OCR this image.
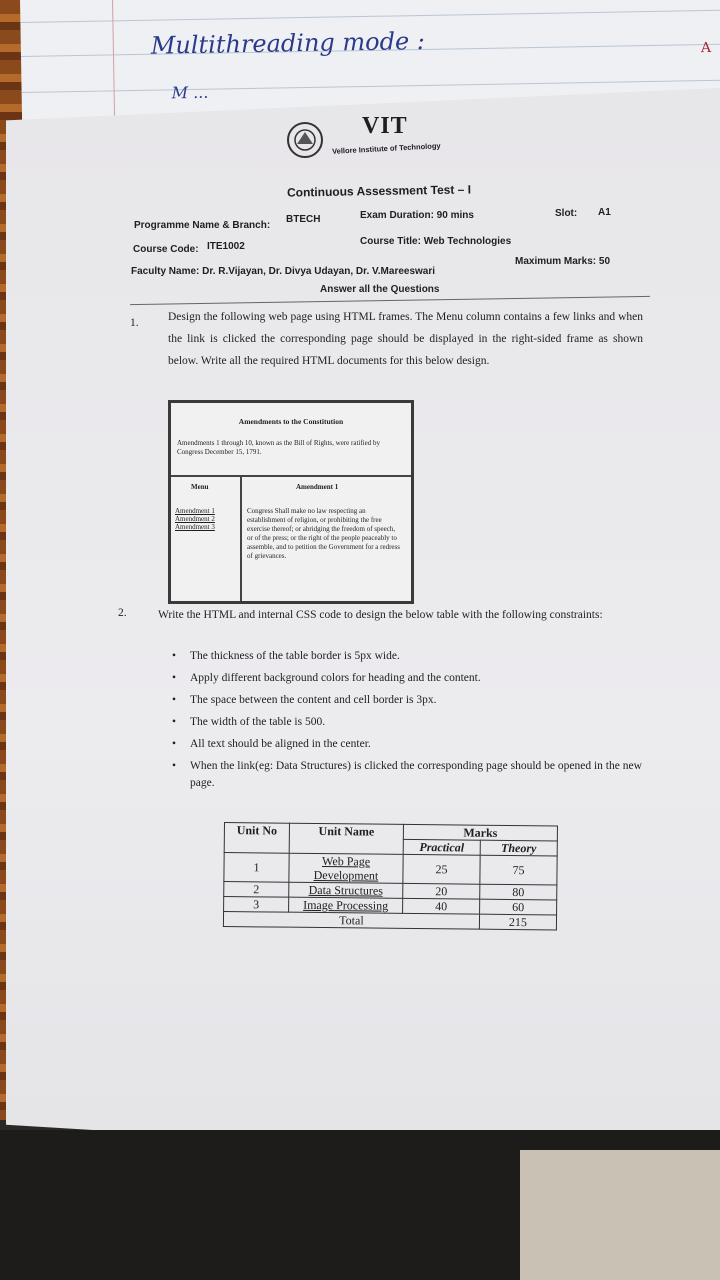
Multithreading mode :	A
M ...
VIT
Vellore Institute of Technology
Continuous Assessment Test – I
Programme Name & Branch:
BTECH	Exam Duration: 90 mins	Slot: A1
Course Code: ITE1002	Course Title: Web Technologies
Faculty Name: Dr. R.Vijayan, Dr. Divya Udayan, Dr. V.Mareeswari
Maximum Marks: 50
Answer all the Questions
1.	Design the following web page using HTML frames. The Menu column contains a few links and when the link is clicked the corresponding page should be displayed in the right-sided frame as shown below. Write all the required HTML documents for this below design.
Amendments to the Constitution
Amendments 1 through 10, known as the Bill of Rights, were ratified by Congress December 15, 1791.
Menu	Amendment 1
Amendment 1
Amendment 2
Amendment 3
Congress Shall make no law respecting an establishment of religion, or prohibiting the free exercise thereof; or abridging the freedom of speech, or of the press; or the right of the people peaceably to assemble, and to petition the Government for a redress of grievances.
2.	Write the HTML and internal CSS code to design the below table with the following constraints:
• The thickness of the table border is 5px wide.
• Apply different background colors for heading and the content.
• The space between the content and cell border is 3px.
• The width of the table is 500.
• All text should be aligned in the center.
• When the link(eg: Data Structures) is clicked the corresponding page should be opened in the new page.
Unit No	Unit Name	Marks	
		Practical	Theory
1	Web Page Development	25	75
2	Data Structures	20	80
3	Image Processing	40	60
Total			215
